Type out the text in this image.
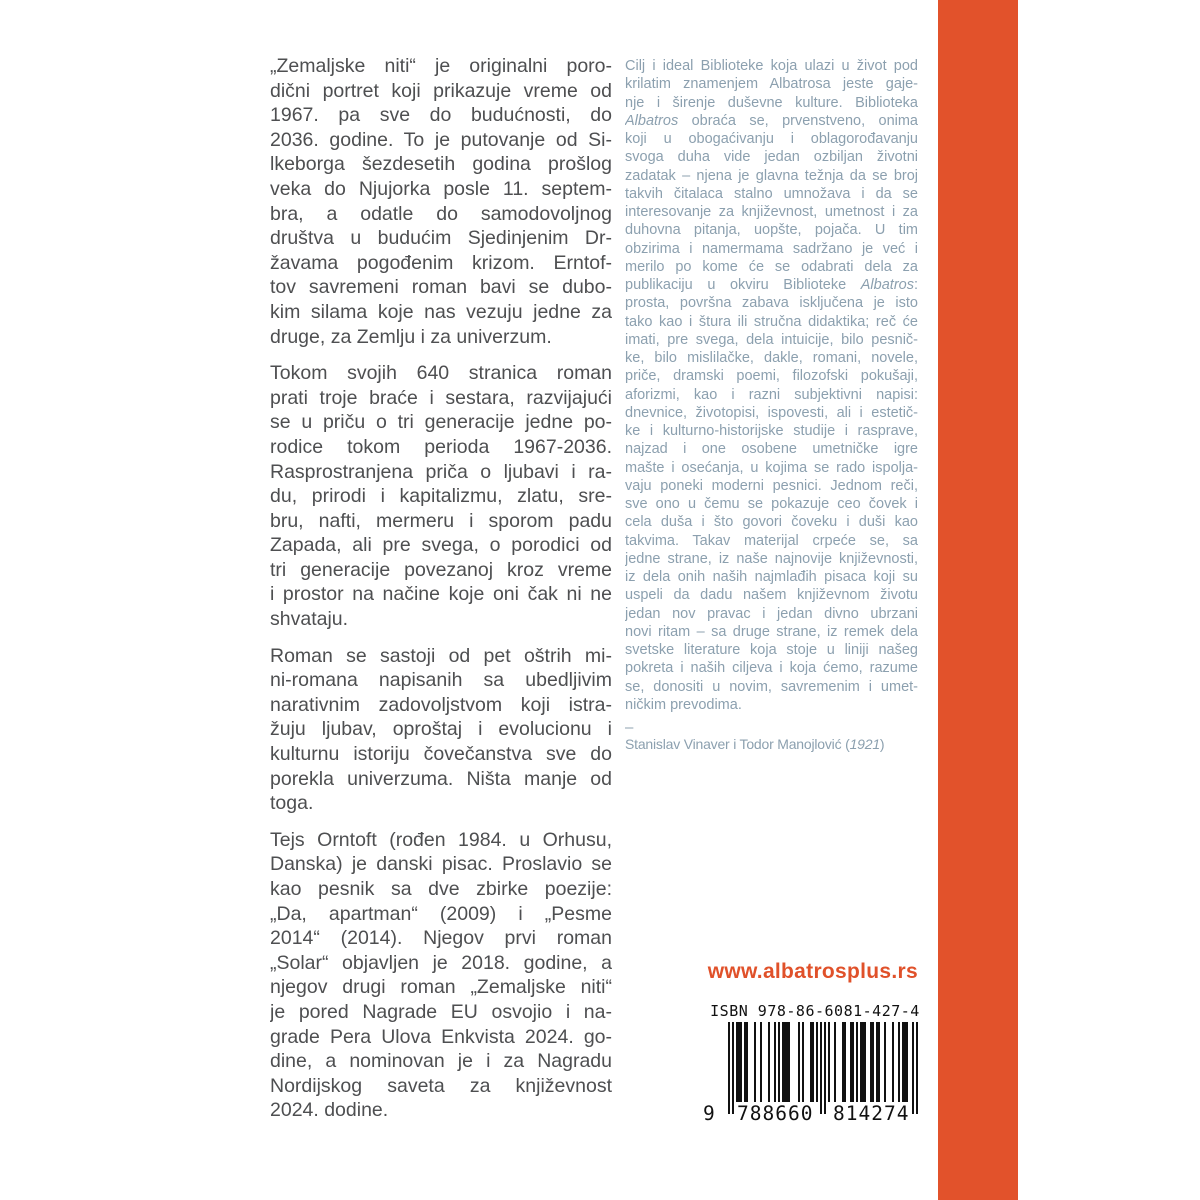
„Zemaljske niti“ je originalni poro-
dični portret koji prikazuje vreme od
1967. pa sve do budućnosti, do
2036. godine. To je putovanje od Si-
lkeborga šezdesetih godina prošlog
veka do Njujorka posle 11. septem-
bra, a odatle do samodovoljnog
društva u budućim Sjedinjenim Dr-
žavama pogođenim krizom. Erntof-
tov savremeni roman bavi se dubo-
kim silama koje nas vezuju jedne za
druge, za Zemlju i za univerzum.
Tokom svojih 640 stranica roman
prati troje braće i sestara, razvijajući
se u priču o tri generacije jedne po-
rodice tokom perioda 1967-2036.
Rasprostranjena priča o ljubavi i ra-
du, prirodi i kapitalizmu, zlatu, sre-
bru, nafti, mermeru i sporom padu
Zapada, ali pre svega, o porodici od
tri generacije povezanoj kroz vreme
i prostor na načine koje oni čak ni ne
shvataju.
Roman se sastoji od pet oštrih mi-
ni-romana napisanih sa ubedljivim
narativnim zadovoljstvom koji istra-
žuju ljubav, oproštaj i evolucionu i
kulturnu istoriju čovečanstva sve do
porekla univerzuma. Ništa manje od
toga.
Tejs Orntoft (rođen 1984. u Orhusu,
Danska) je danski pisac. Proslavio se
kao pesnik sa dve zbirke poezije:
„Da, apartman“ (2009) i „Pesme
2014“ (2014). Njegov prvi roman
„Solar“ objavljen je 2018. godine, a
njegov drugi roman „Zemaljske niti“
je pored Nagrade EU osvojio i na-
grade Pera Ulova Enkvista 2024. go-
dine, a nominovan je i za Nagradu
Nordijskog saveta za književnost
2024. dodine.
Cilj i ideal Biblioteke koja ulazi u život pod
krilatim znamenjem Albatrosa jeste gaje-
nje i širenje duševne kulture. Biblioteka
Albatros obraća se, prvenstveno, onima
koji u obogaćivanju i oblagorođavanju
svoga duha vide jedan ozbiljan životni
zadatak – njena je glavna težnja da se broj
takvih čitalaca stalno umnožava i da se
interesovanje za književnost, umetnost i za
duhovna pitanja, uopšte, pojača. U tim
obzirima i namermama sadržano je već i
merilo po kome će se odabrati dela za
publikaciju u okviru Biblioteke Albatros:
prosta, površna zabava isključena je isto
tako kao i štura ili stručna didaktika; reč će
imati, pre svega, dela intuicije, bilo pesnič-
ke, bilo mislilačke, dakle, romani, novele,
priče, dramski poemi, filozofski pokušaji,
aforizmi, kao i razni subjektivni napisi:
dnevnice, životopisi, ispovesti, ali i estetič-
ke i kulturno-historijske studije i rasprave,
najzad i one osobene umetničke igre
mašte i osećanja, u kojima se rado ispolja-
vaju poneki moderni pesnici. Jednom reči,
sve ono u čemu se pokazuje ceo čovek i
cela duša i što govori čoveku i duši kao
takvima. Takav materijal crpeće se, sa
jedne strane, iz naše najnovije književnosti,
iz dela onih naših najmlađih pisaca koji su
uspeli da dadu našem književnom životu
jedan nov pravac i jedan divno ubrzani
novi ritam – sa druge strane, iz remek dela
svetske literature koja stoje u liniji našeg
pokreta i naših ciljeva i koja ćemo, razume
se, donositi u novim, savremenim i umet-
ničkim prevodima.
–
Stanislav Vinaver i Todor Manojlović (1921)
www.albatrosplus.rs
ISBN 978-86-6081-427-4
9 788660 814274
